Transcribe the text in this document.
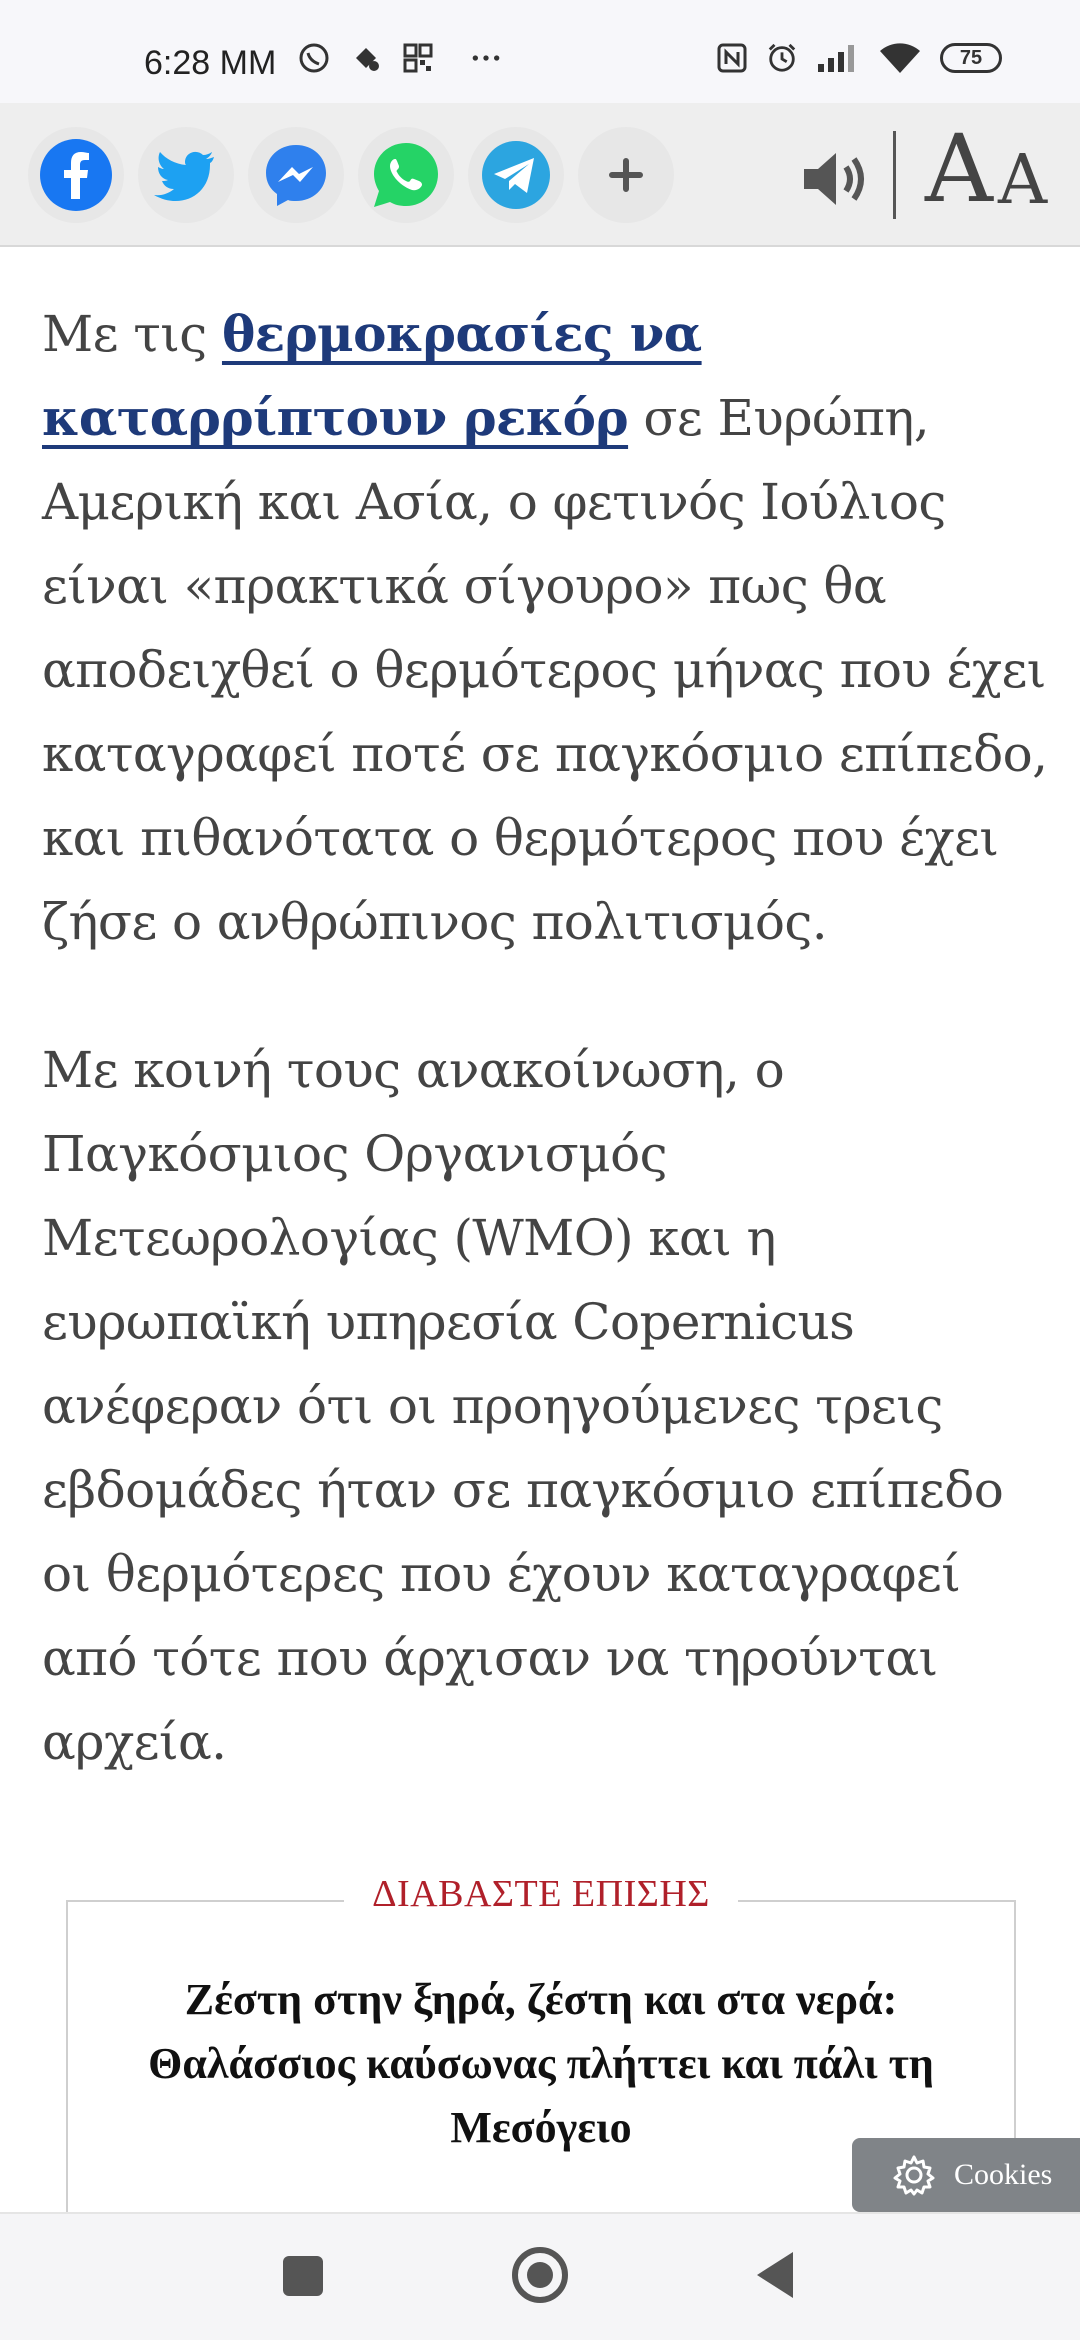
6:28 MM	75
A A

Με τις θερμοκρασίες να καταρρίπτουν ρεκόρ σε Ευρώπη, Αμερική και Ασία, ο φετινός Ιούλιος είναι «πρακτικά σίγουρο» πως θα αποδειχθεί ο θερμότερος μήνας που έχει καταγραφεί ποτέ σε παγκόσμιο επίπεδο, και πιθανότατα ο θερμότερος που έχει ζήσε ο ανθρώπινος πολιτισμός.

Με κοινή τους ανακοίνωση, ο Παγκόσμιος Οργανισμός Μετεωρολογίας (WMO) και η ευρωπαϊκή υπηρεσία Copernicus ανέφεραν ότι οι προηγούμενες τρεις εβδομάδες ήταν σε παγκόσμιο επίπεδο οι θερμότερες που έχουν καταγραφεί από τότε που άρχισαν να τηρούνται αρχεία.

ΔΙΑΒΑΣΤΕ ΕΠΙΣΗΣ
Ζέστη στην ξηρά, ζέστη και στα νερά: Θαλάσσιος καύσωνας πλήττει και πάλι τη Μεσόγειο
Cookies
